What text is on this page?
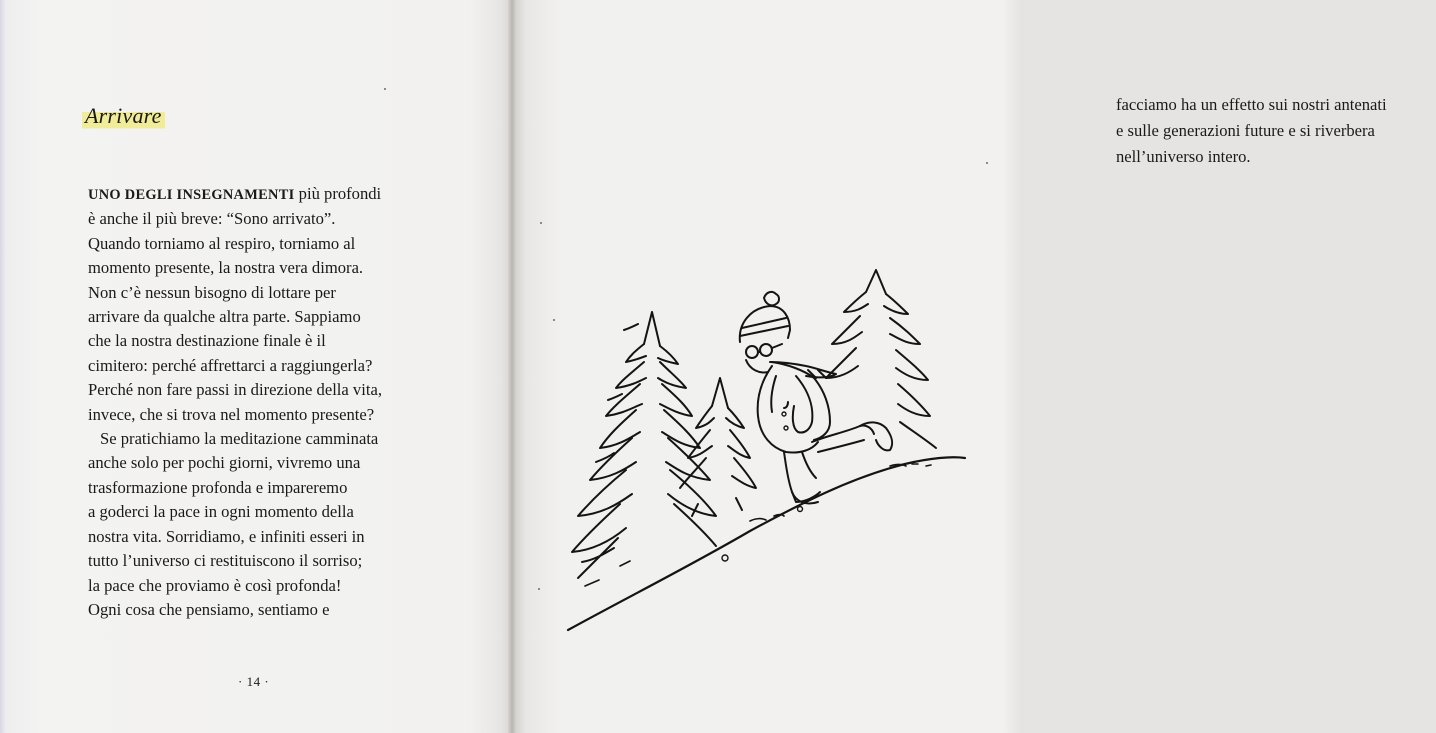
Arrivare
UNO DEGLI INSEGNAMENTI più profondi
è anche il più breve: “Sono arrivato”.
Quando torniamo al respiro, torniamo al
momento presente, la nostra vera dimora.
Non c’è nessun bisogno di lottare per
arrivare da qualche altra parte. Sappiamo
che la nostra destinazione finale è il
cimitero: perché affrettarci a raggiungerla?
Perché non fare passi in direzione della vita,
invece, che si trova nel momento presente?
Se pratichiamo la meditazione camminata
anche solo per pochi giorni, vivremo una
trasformazione profonda e impareremo
a goderci la pace in ogni momento della
nostra vita. Sorridiamo, e infiniti esseri in
tutto l’universo ci restituiscono il sorriso;
la pace che proviamo è così profonda!
Ogni cosa che pensiamo, sentiamo e
· 14 ·
facciamo ha un effetto sui nostri antenati
e sulle generazioni future e si riverbera
nell’universo intero.
